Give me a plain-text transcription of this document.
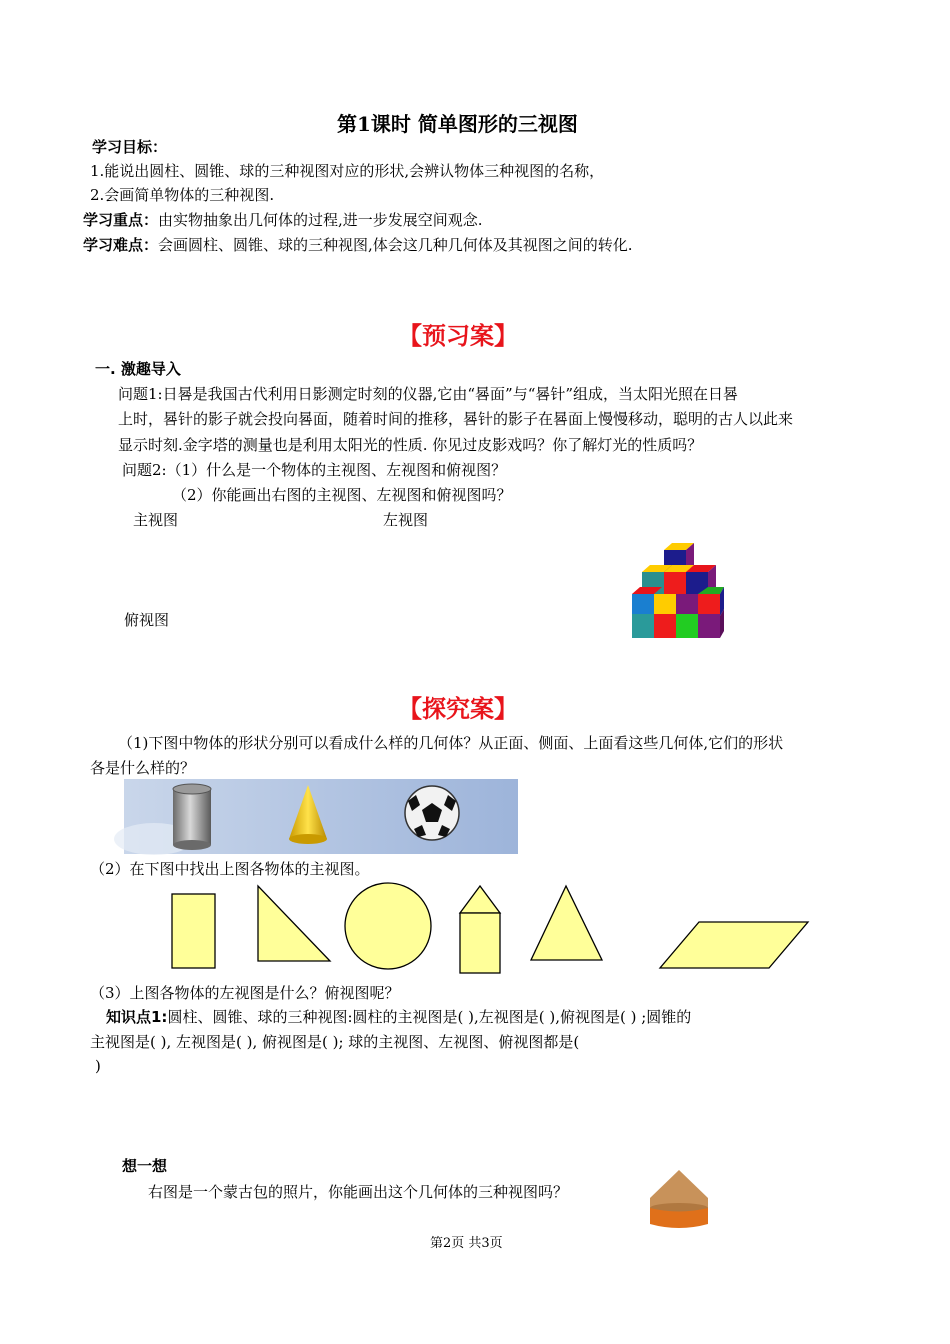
第1课时 简单图形的三视图
学习目标：
1.能说出圆柱、圆锥、球的三种视图对应的形状,会辨认物体三种视图的名称，
2.会画简单物体的三种视图.
学习重点：由实物抽象出几何体的过程,进一步发展空间观念.
学习难点：会画圆柱、圆锥、球的三种视图,体会这几种几何体及其视图之间的转化.
【预习案】
一. 激趣导入
问题1:日晷是我国古代利用日影测定时刻的仪器,它由“晷面”与“晷针”组成，当太阳光照在日晷
上时，晷针的影子就会投向晷面，随着时间的推移，晷针的影子在晷面上慢慢移动，聪明的古人以此来
显示时刻.金字塔的测量也是利用太阳光的性质. 你见过皮影戏吗？你了解灯光的性质吗？
问题2:（1）什么是一个物体的主视图、左视图和俯视图？
（2）你能画出右图的主视图、左视图和俯视图吗？
主视图	左视图
俯视图
【探究案】
（1)下图中物体的形状分别可以看成什么样的几何体？从正面、侧面、上面看这些几何体,它们的形状
各是什么样的？
（2）在下图中找出上图各物体的主视图。
（3）上图各物体的左视图是什么？俯视图呢？
知识点1:圆柱、圆锥、球的三种视图:圆柱的主视图是( ),左视图是( ),俯视图是( ) ;圆锥的
主视图是( ), 左视图是( ), 俯视图是( ); 球的主视图、左视图、俯视图都是(
)
想一想
右图是一个蒙古包的照片，你能画出这个几何体的三种视图吗？
第2页 共3页
